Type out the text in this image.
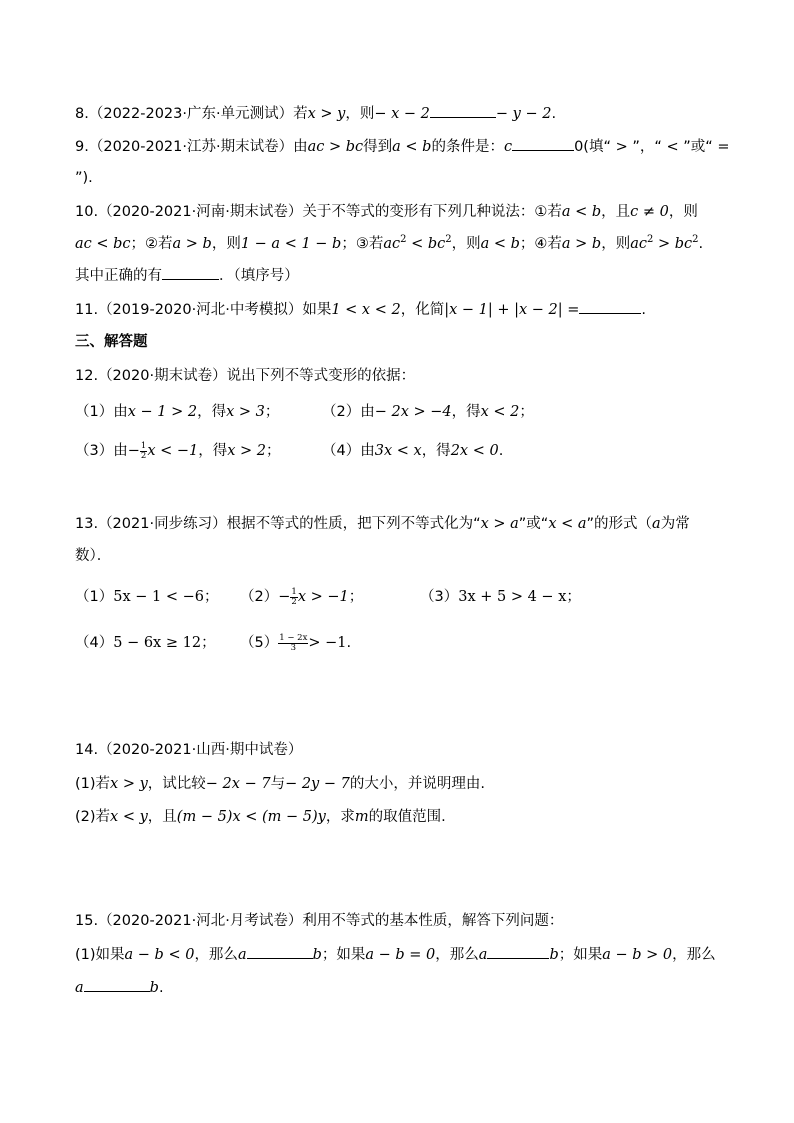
8.（2022-2023·广东·单元测试）若x > y，则− x − 2	− y − 2.
9.（2020-2021·江苏·期末试卷）由ac > bc得到a < b的条件是：c	0(填“ > ”，“ < ”或“ =
”).
10.（2020-2021·河南·期末试卷）关于不等式的变形有下列几种说法：①若a < b，且c ≠ 0，则
ac < bc；②若a > b，则1 − a < 1 − b；③若$ac^2 < bc^2$，则a < b；④若a > b，则$ac^2 > bc^2$.
其中正确的有	．（填序号）
11.（2019-2020·河北·中考模拟）如果1 < x < 2，化简|x − 1| + |x − 2| =	.
三、解答题
12.（2020·期末试卷）说出下列不等式变形的依据：
（1）由x − 1 > 2，得x > 3；	（2）由− 2x > −4，得x < 2；
（3）由− $\frac{1}{2}$ x < −1，得x > 2；	（4）由3x < x，得2x < 0.
13.（2021·同步练习）根据不等式的性质，把下列不等式化为“x > a”或“x < a”的形式（a为常
数）．
（1）5x − 1 < −6； $(2)- \frac{1}{2}$ x > −1；	（3）3x + 5 > 4 − x；
（4）5 − 6x ≥ 12； $(5) \frac{1 - 2x}{3} > -1$.
14.（2020-2021·山西·期中试卷）
(1)若x > y，试比较− 2x − 7与− 2y − 7的大小，并说明理由.
(2)若x < y，且(m − 5)x < (m − 5)y，求m的取值范围.
15.（2020-2021·河北·月考试卷）利用不等式的基本性质，解答下列问题：
(1)如果a − b < 0，那么a	b；如果a − b = 0，那么a	b；如果a − b > 0，那么
a	b.
